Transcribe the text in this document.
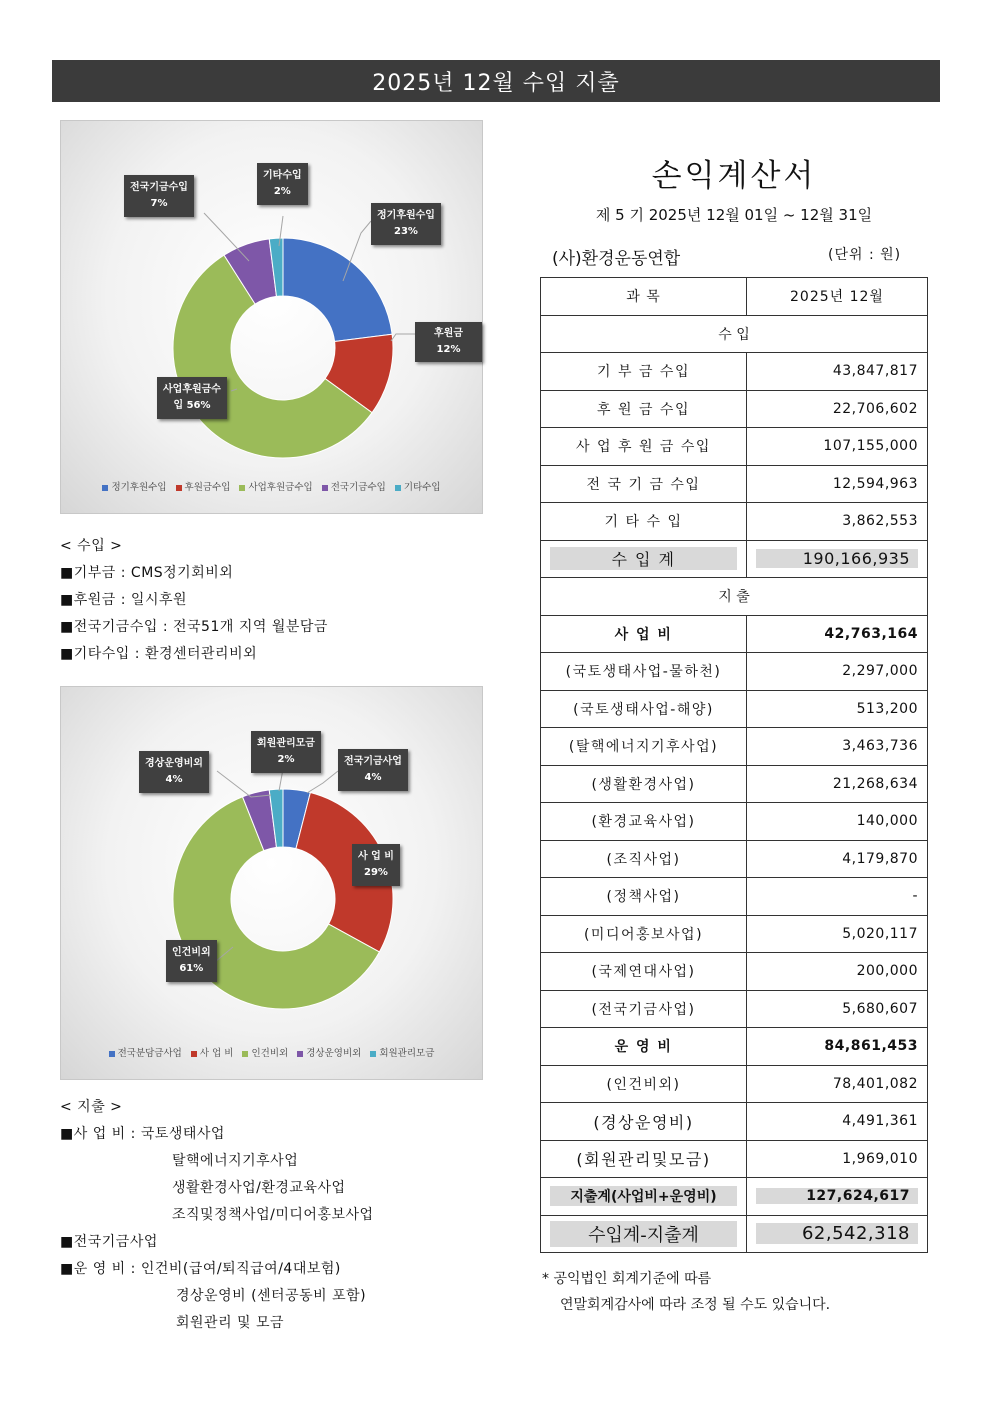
2025년 12월 수입 지출
정기후원수입
23%
후원금 12%
사업후원금수
입 56%
전국기금수입
7%
기타수입
2%
정기후원수입 후원금수입 사업후원금수입 전국기금수입 기타수입
< 수입 >
■기부금 : CMS정기회비외
■후원금 : 일시후원
■전국기금수입 : 전국51개 지역 월분담금
■기타수입 : 환경센터관리비외
전국기금사업
4%
사 업 비
29%
인건비외
61%
경상운영비외
4%
회원관리모금
2%
전국분담금사업 사 업 비 인건비외 경상운영비외 회원관리모금
< 지출 >
■사 업 비 : 국토생태사업
탈핵에너지기후사업
생활환경사업/환경교육사업
조직및정책사업/미디어홍보사업
■전국기금사업
■운 영 비 : 인건비(급여/퇴직급여/4대보험)
경상운영비 (센터공동비 포함)
회원관리 및 모금
손익계산서
제 5 기 2025년 12월 01일 ~ 12월 31일
(사)환경운동연합	(단위 : 원)
과 목	2025년 12월
수 입	
기 부 금 수입	43,847,817
후 원 금 수입	22,706,602
사 업 후 원 금 수입	107,155,000
전 국 기 금 수입	12,594,963
기 타 수 입	3,862,553

수 입 계	190,166,935

지 출	
사 업 비	42,763,164
(국토생태사업-물하천)	2,297,000
(국토생태사업-해양)	513,200
(탈핵에너지기후사업)	3,463,736
(생활환경사업)	21,268,634
(환경교육사업)	140,000
(조직사업)	4,179,870
(정책사업)	-
(미디어홍보사업)	5,020,117
(국제연대사업)	200,000
(전국기금사업)	5,680,607
운 영 비	84,861,453
(인건비외)	78,401,082
(경상운영비)	4,491,361
(회원관리및모금)	1,969,010

지출계(사업비+운영비)	127,624,617

수입계-지출계	62,542,318
* 공익법인 회계기준에 따름
연말회계감사에 따라 조정 될 수도 있습니다.
